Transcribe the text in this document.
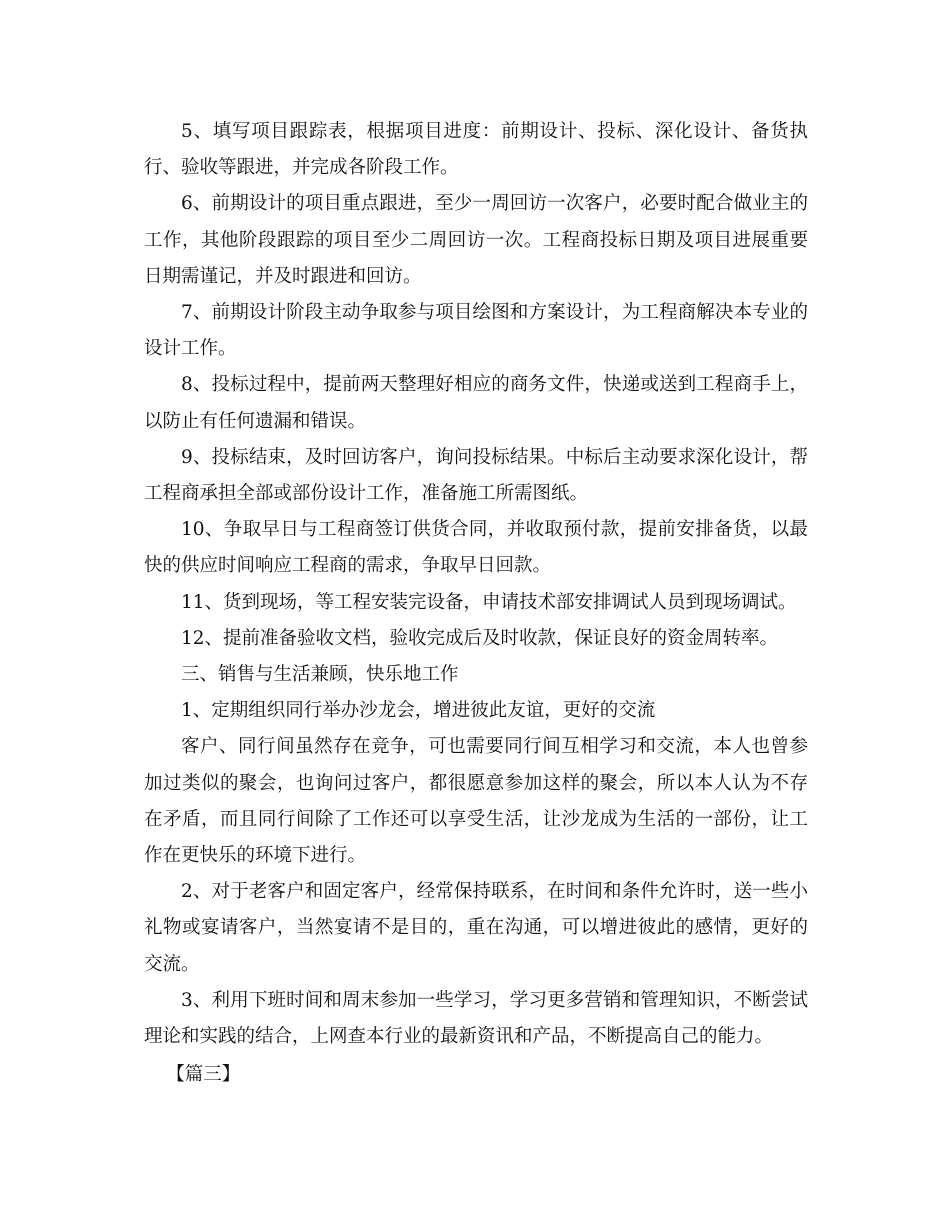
5、填写项目跟踪表，根据项目进度：前期设计、投标、深化设计、备货执行、验收等跟进，并完成各阶段工作。

6、前期设计的项目重点跟进，至少一周回访一次客户，必要时配合做业主的工作，其他阶段跟踪的项目至少二周回访一次。工程商投标日期及项目进展重要日期需谨记，并及时跟进和回访。

7、前期设计阶段主动争取参与项目绘图和方案设计，为工程商解决本专业的设计工作。

8、投标过程中，提前两天整理好相应的商务文件，快递或送到工程商手上，以防止有任何遗漏和错误。

9、投标结束，及时回访客户，询问投标结果。中标后主动要求深化设计，帮工程商承担全部或部份设计工作，准备施工所需图纸。

10、争取早日与工程商签订供货合同，并收取预付款，提前安排备货，以最快的供应时间响应工程商的需求，争取早日回款。

11、货到现场，等工程安装完设备，申请技术部安排调试人员到现场调试。

12、提前准备验收文档，验收完成后及时收款，保证良好的资金周转率。

三、销售与生活兼顾，快乐地工作

1、定期组织同行举办沙龙会，增进彼此友谊，更好的交流

客户、同行间虽然存在竞争，可也需要同行间互相学习和交流，本人也曾参加过类似的聚会，也询问过客户，都很愿意参加这样的聚会，所以本人认为不存在矛盾，而且同行间除了工作还可以享受生活，让沙龙成为生活的一部份，让工作在更快乐的环境下进行。

2、对于老客户和固定客户，经常保持联系，在时间和条件允许时，送一些小礼物或宴请客户，当然宴请不是目的，重在沟通，可以增进彼此的感情，更好的交流。

3、利用下班时间和周末参加一些学习，学习更多营销和管理知识，不断尝试理论和实践的结合，上网查本行业的最新资讯和产品，不断提高自己的能力。

【篇三】
